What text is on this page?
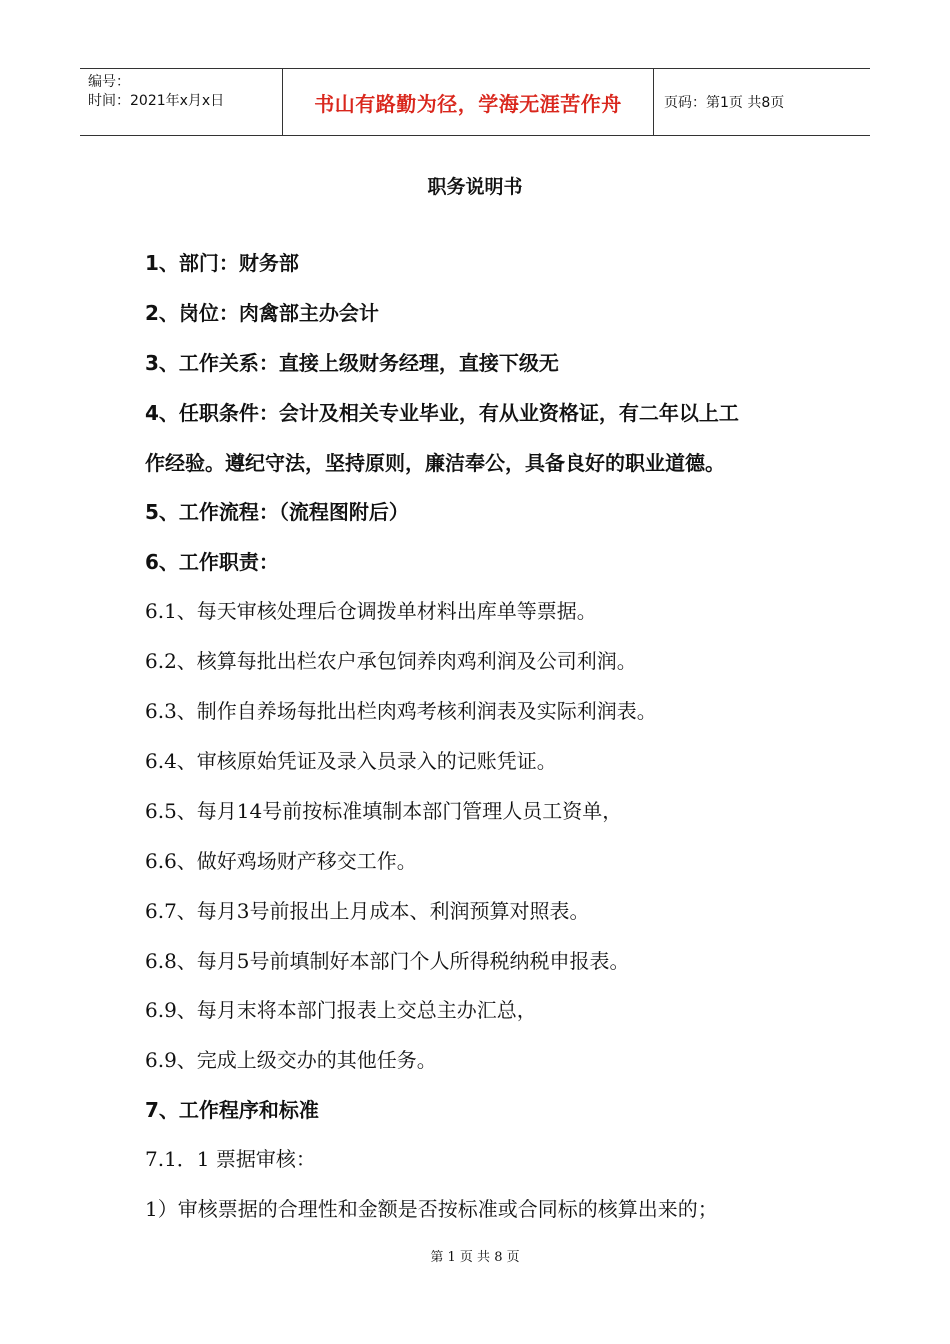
编号：
时间：2021年x月x日	书山有路勤为径，学海无涯苦作舟	页码：第1页 共8页
职务说明书
1、部门：财务部
2、岗位：肉禽部主办会计
3、工作关系：直接上级财务经理，直接下级无
4、任职条件：会计及相关专业毕业，有从业资格证，有二年以上工
作经验。遵纪守法，坚持原则，廉洁奉公，具备良好的职业道德。
5、工作流程：（流程图附后）
6、工作职责：
6.1、每天审核处理后仓调拨单材料出库单等票据。
6.2、核算每批出栏农户承包饲养肉鸡利润及公司利润。
6.3、制作自养场每批出栏肉鸡考核利润表及实际利润表。
6.4、审核原始凭证及录入员录入的记账凭证。
6.5、每月14号前按标准填制本部门管理人员工资单，
6.6、做好鸡场财产移交工作。
6.7、每月3号前报出上月成本、利润预算对照表。
6.8、每月5号前填制好本部门个人所得税纳税申报表。
6.9、每月末将本部门报表上交总主办汇总，
6.9、完成上级交办的其他任务。
7、工作程序和标准
7.1．1 票据审核：
1）审核票据的合理性和金额是否按标准或合同标的核算出来的；
第 1 页 共 8 页
